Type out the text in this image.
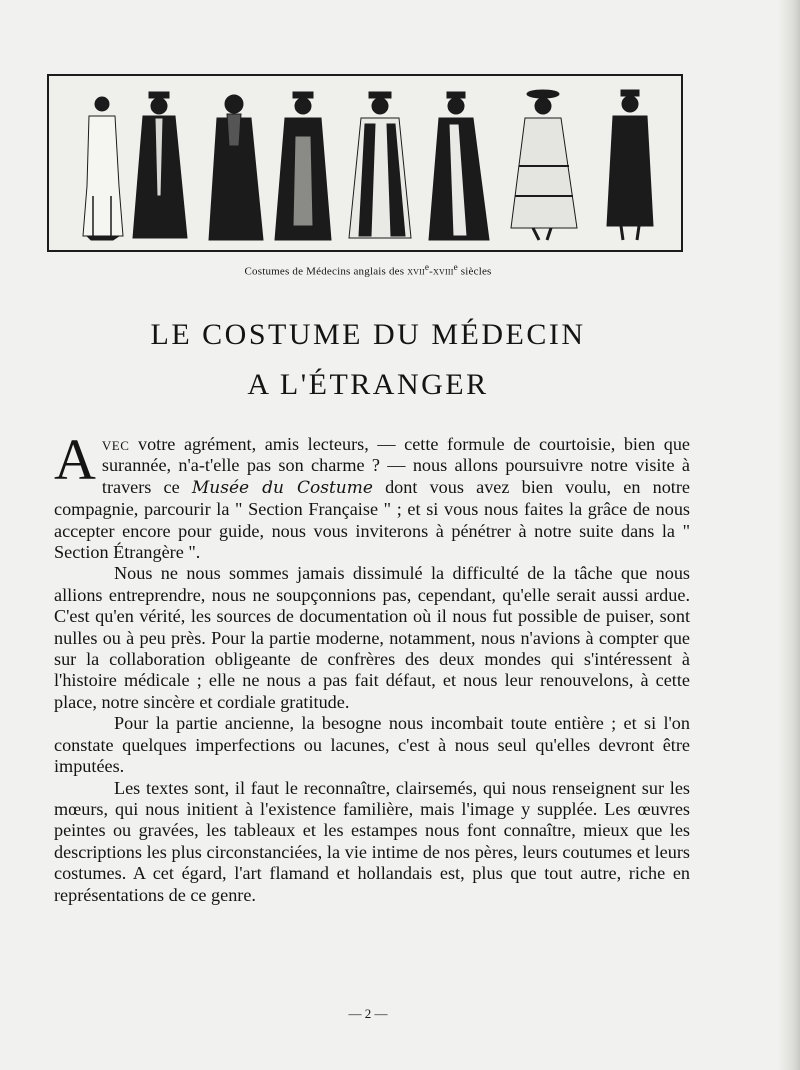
Costumes de Médecins anglais des xvii$^e$-xviii$^e$ siècles
LE COSTUME DU MÉDECIN
A L'ÉTRANGER

Avec votre agrément, amis lecteurs, — cette formule de courtoisie, bien que surannée, n'a-t'elle pas son charme ? — nous allons poursuivre notre visite à travers ce Musée du Costume dont vous avez bien voulu, en notre compagnie, parcourir la " Section Française " ; et si vous nous faites la grâce de nous accepter encore pour guide, nous vous inviterons à pénétrer à notre suite dans la " Section Étrangère ".

Nous ne nous sommes jamais dissimulé la difficulté de la tâche que nous allions entreprendre, nous ne soupçonnions pas, cependant, qu'elle serait aussi ardue. C'est qu'en vérité, les sources de documentation où il nous fut possible de puiser, sont nulles ou à peu près. Pour la partie moderne, notamment, nous n'avions à compter que sur la collaboration obligeante de confrères des deux mondes qui s'intéressent à l'histoire médicale ; elle ne nous a pas fait défaut, et nous leur renouvelons, à cette place, notre sincère et cordiale gratitude.

Pour la partie ancienne, la besogne nous incombait toute entière ; et si l'on constate quelques imperfections ou lacunes, c'est à nous seul qu'elles devront être imputées.

Les textes sont, il faut le reconnaître, clairsemés, qui nous renseignent sur les mœurs, qui nous initient à l'existence familière, mais l'image y supplée. Les œuvres peintes ou gravées, les tableaux et les estampes nous font connaître, mieux que les descriptions les plus circonstanciées, la vie intime de nos pères, leurs coutumes et leurs costumes. A cet égard, l'art flamand et hollandais est, plus que tout autre, riche en représentations de ce genre.

— 2 —
